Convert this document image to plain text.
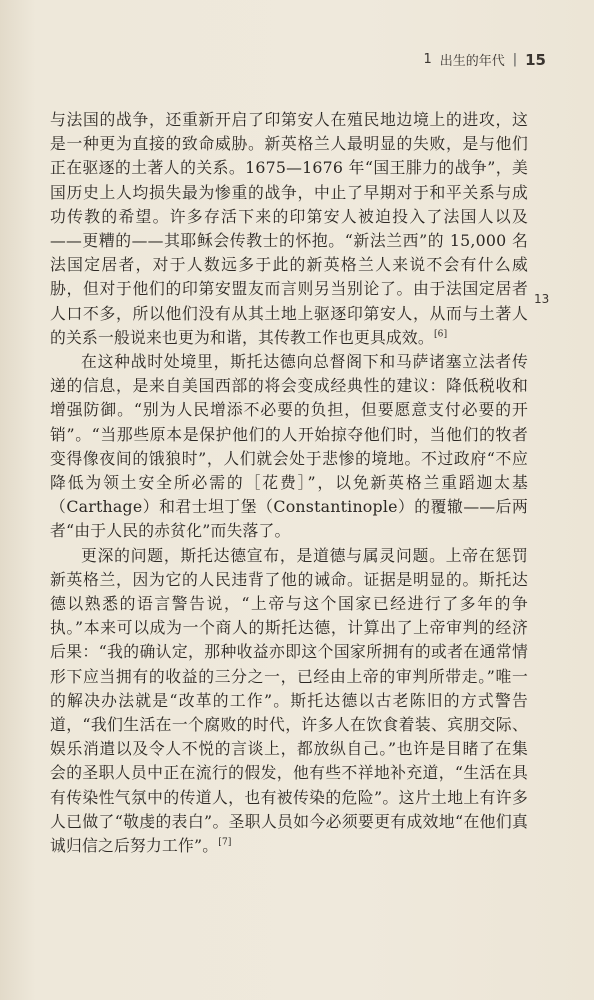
1 出生的年代 | 15
13

与法国的战争，还重新开启了印第安人在殖民地边境上的进攻，这是一种更为直接的致命威胁。新英格兰人最明显的失败，是与他们正在驱逐的土著人的关系。1675—1676 年“国王腓力的战争”，美国历史上人均损失最为惨重的战争，中止了早期对于和平关系与成功传教的希望。许多存活下来的印第安人被迫投入了法国人以及——更糟的——其耶稣会传教士的怀抱。“新法兰西”的 15,000 名法国定居者，对于人数远多于此的新英格兰人来说不会有什么威胁，但对于他们的印第安盟友而言则另当别论了。由于法国定居者人口不多，所以他们没有从其土地上驱逐印第安人，从而与土著人的关系一般说来也更为和谐，其传教工作也更具成效。[6]

在这种战时处境里，斯托达德向总督阁下和马萨诸塞立法者传递的信息，是来自美国西部的将会变成经典性的建议：降低税收和增强防御。“别为人民增添不必要的负担，但要愿意支付必要的开销”。“当那些原本是保护他们的人开始掠夺他们时，当他们的牧者变得像夜间的饿狼时”，人们就会处于悲惨的境地。不过政府“不应降低为领土安全所必需的［花费］”，以免新英格兰重蹈迦太基（Carthage）和君士坦丁堡（Constantinople）的覆辙——后两者“由于人民的赤贫化”而失落了。

更深的问题，斯托达德宣布，是道德与属灵问题。上帝在惩罚新英格兰，因为它的人民违背了他的诫命。证据是明显的。斯托达德以熟悉的语言警告说，“上帝与这个国家已经进行了多年的争执。”本来可以成为一个商人的斯托达德，计算出了上帝审判的经济后果：“我的确认定，那种收益亦即这个国家所拥有的或者在通常情形下应当拥有的收益的三分之一，已经由上帝的审判所带走。”唯一的解决办法就是“改革的工作”。斯托达德以古老陈旧的方式警告道，“我们生活在一个腐败的时代，许多人在饮食着装、宾朋交际、娱乐消遣以及令人不悦的言谈上，都放纵自己。”也许是目睹了在集会的圣职人员中正在流行的假发，他有些不祥地补充道，“生活在具有传染性气氛中的传道人，也有被传染的危险”。这片土地上有许多人已做了“敬虔的表白”。圣职人员如今必须要更有成效地“在他们真诚归信之后努力工作”。[7]
